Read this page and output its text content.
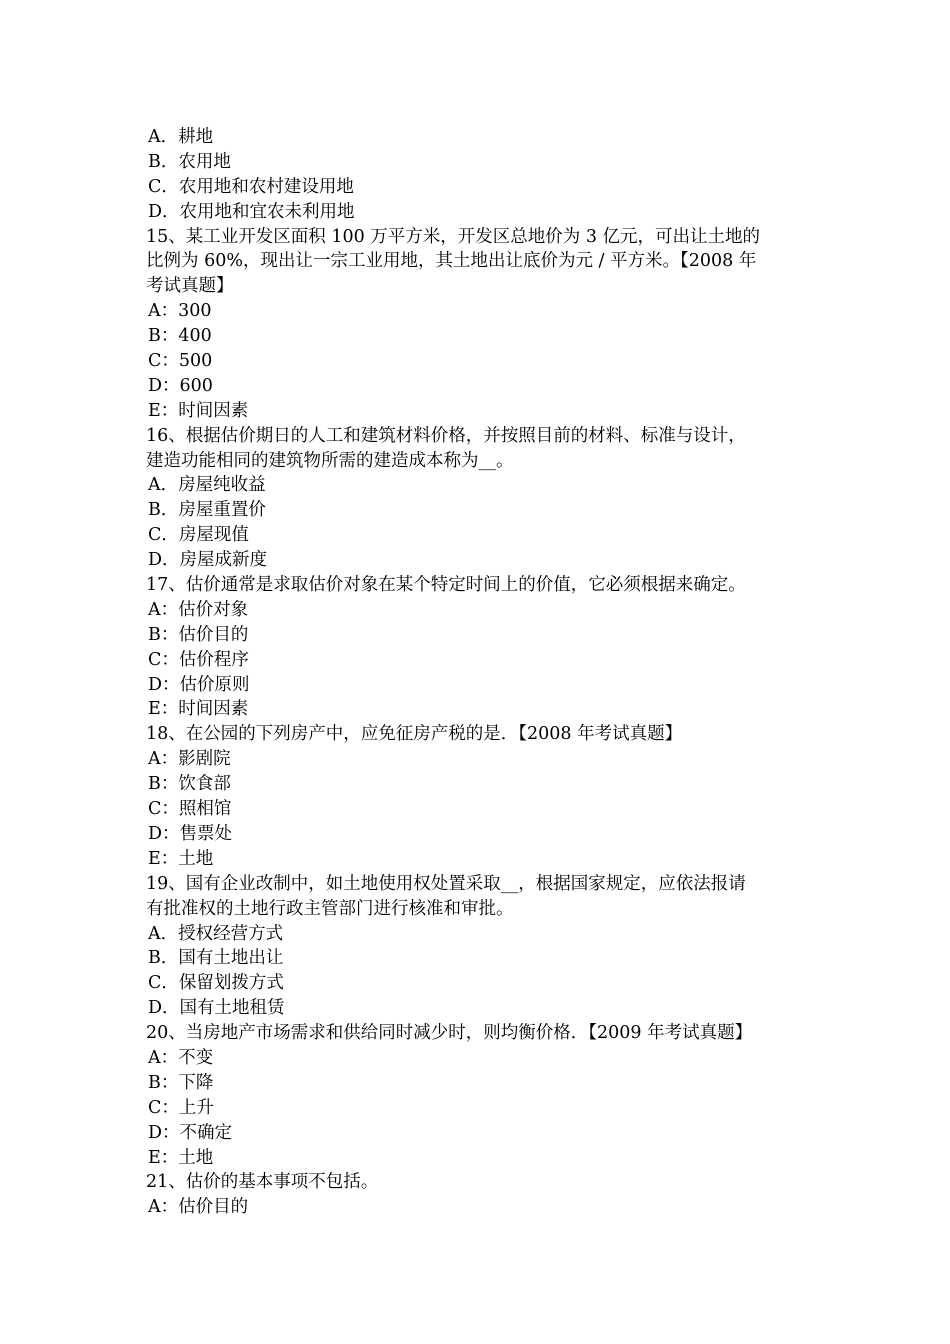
A．耕地
B．农用地
C．农用地和农村建设用地
D．农用地和宜农未利用地
15、某工业开发区面积 100 万平方米，开发区总地价为 3 亿元，可出让土地的
比例为 60%，现出让一宗工业用地，其土地出让底价为元 / 平方米。【2008 年
考试真题】
A：300
B：400
C：500
D：600
E：时间因素
16、根据估价期日的人工和建筑材料价格，并按照目前的材料、标准与设计，
建造功能相同的建筑物所需的建造成本称为__。
A．房屋纯收益
B．房屋重置价
C．房屋现值
D．房屋成新度
17、估价通常是求取估价对象在某个特定时间上的价值，它必须根据来确定。
A：估价对象
B：估价目的
C：估价程序
D：估价原则
E：时间因素
18、在公园的下列房产中，应免征房产税的是．【2008 年考试真题】
A：影剧院
B：饮食部
C：照相馆
D：售票处
E：土地
19、国有企业改制中，如土地使用权处置采取__，根据国家规定，应依法报请
有批准权的土地行政主管部门进行核准和审批。
A．授权经营方式
B．国有土地出让
C．保留划拨方式
D．国有土地租赁
20、当房地产市场需求和供给同时减少时，则均衡价格．【2009 年考试真题】
A：不变
B：下降
C：上升
D：不确定
E：土地
21、估价的基本事项不包括。
A：估价目的
